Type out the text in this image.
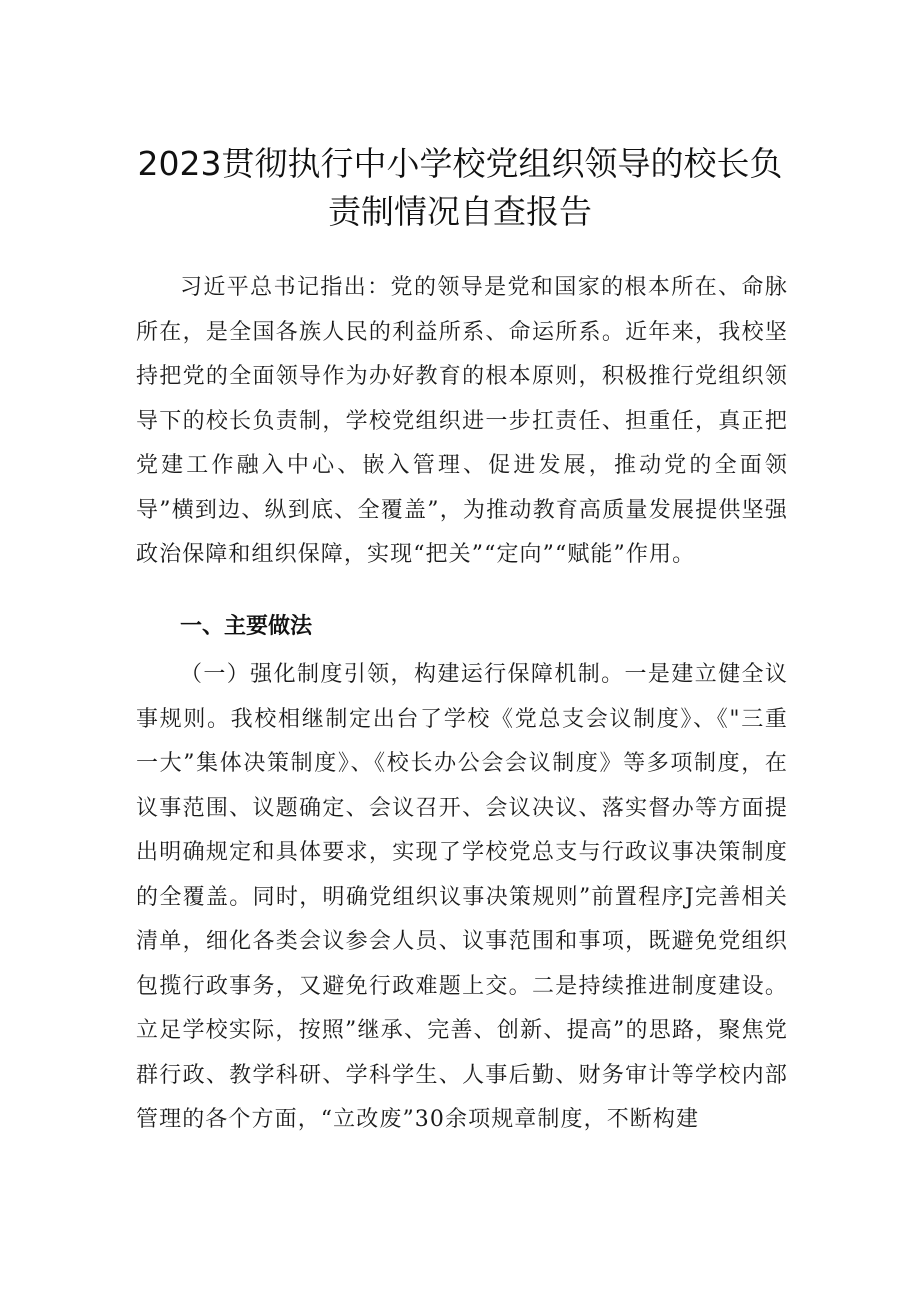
2023贯彻执行中小学校党组织领导的校长负
责制情况自查报告

习近平总书记指出：党的领导是党和国家的根本所在、命脉所在，是全国各族人民的利益所系、命运所系。近年来，我校坚持把党的全面领导作为办好教育的根本原则，积极推行党组织领导下的校长负责制，学校党组织进一步扛责任、担重任，真正把党建工作融入中心、嵌入管理、促进发展，推动党的全面领导”横到边、纵到底、全覆盖”，为推动教育高质量发展提供坚强政治保障和组织保障，实现“把关”“定向”“赋能”作用。

一、主要做法

（一）强化制度引领，构建运行保障机制。一是建立健全议事规则。我校相继制定出台了学校《党总支会议制度》、《"三重一大”集体决策制度》、《校长办公会会议制度》等多项制度，在议事范围、议题确定、会议召开、会议决议、落实督办等方面提出明确规定和具体要求，实现了学校党总支与行政议事决策制度的全覆盖。同时，明确党组织议事决策规则”前置程序J完善相关清单，细化各类会议参会人员、议事范围和事项，既避免党组织包揽行政事务，又避免行政难题上交。二是持续推进制度建设。立足学校实际，按照”继承、完善、创新、提高”的思路，聚焦党群行政、教学科研、学科学生、人事后勤、财务审计等学校内部管理的各个方面，“立改废”30余项规章制度，不断构建
